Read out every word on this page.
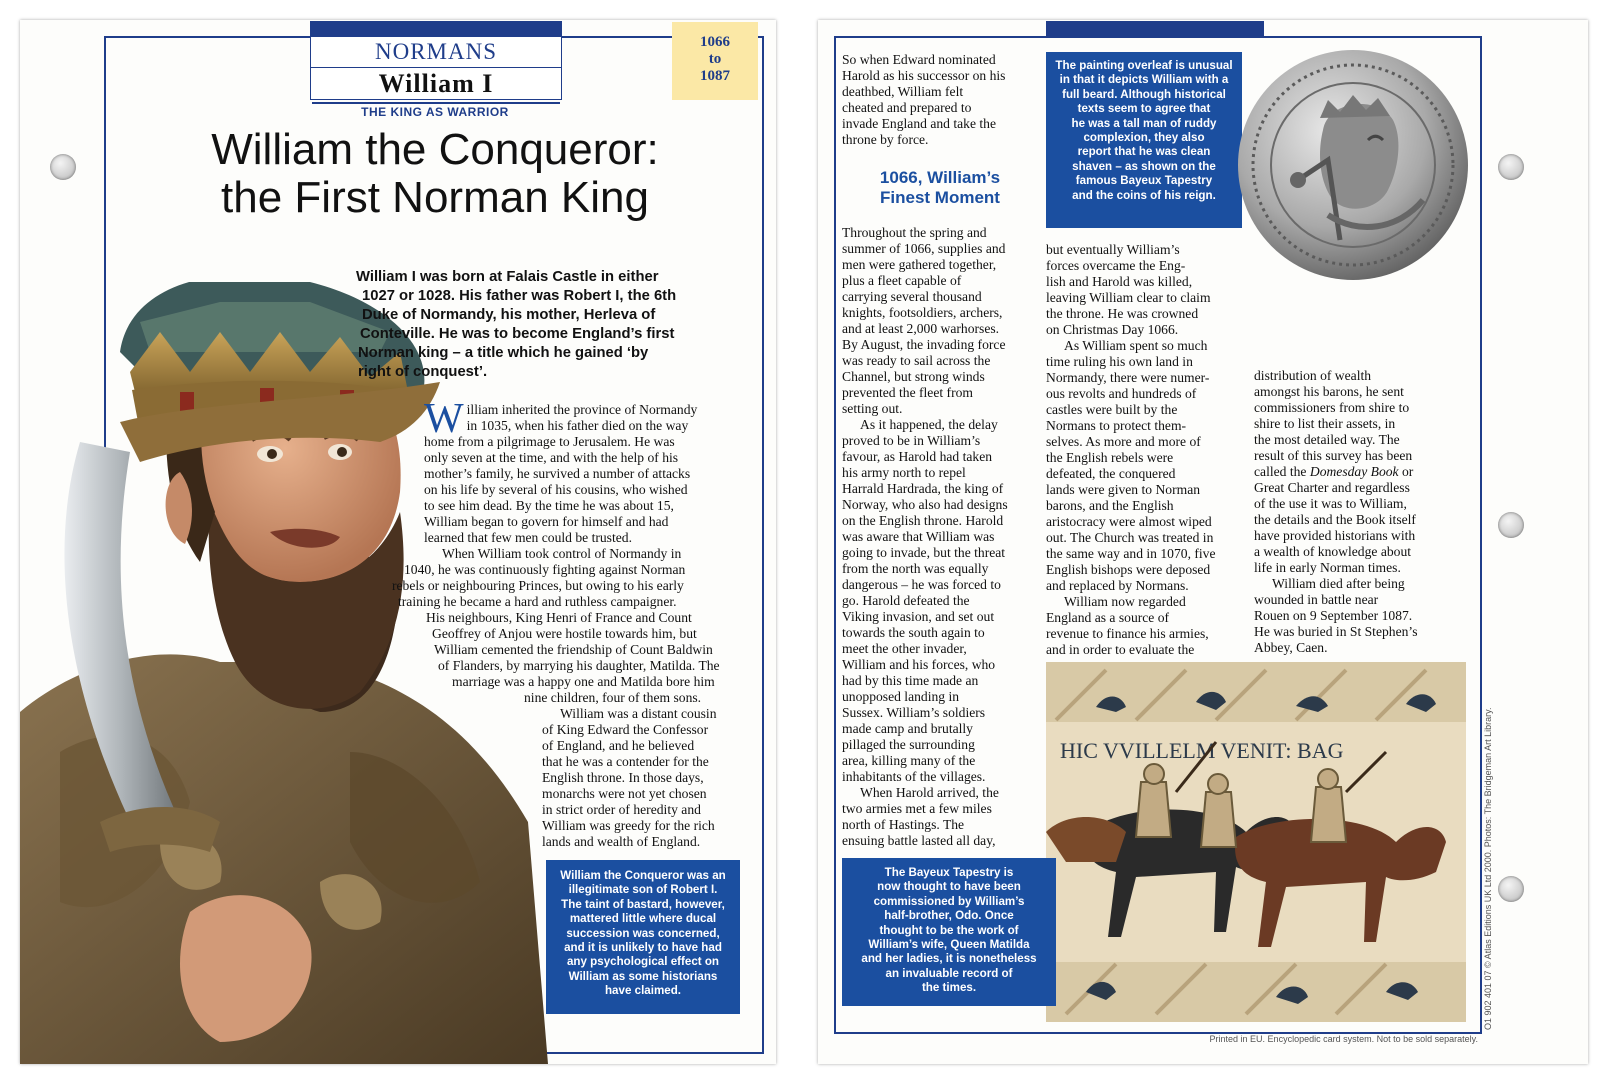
NORMANS
William I
THE KING AS WARRIOR
1066
to
1087
William the Conqueror:
the First Norman King
William I was born at Falais Castle in either
1027 or 1028. His father was Robert I, the 6th
Duke of Normandy, his mother, Herleva of
Conteville. He was to become England’s first
Norman king – a title which he gained ‘by
right of conquest’.
W illiam inherited the province of Normandy
in 1035, when his father died on the way
home from a pilgrimage to Jerusalem. He was
only seven at the time, and with the help of his
mother’s family, he survived a number of attacks
on his life by several of his cousins, who wished
to see him dead. By the time he was about 15,
William began to govern for himself and had
learned that few men could be trusted.
When William took control of Normandy in
1040, he was continuously fighting against Norman
rebels or neighbouring Princes, but owing to his early
training he became a hard and ruthless campaigner.
His neighbours, King Henri of France and Count
Geoffrey of Anjou were hostile towards him, but
William cemented the friendship of Count Baldwin
of Flanders, by marrying his daughter, Matilda. The
marriage was a happy one and Matilda bore him
nine children, four of them sons.
William was a distant cousin
of King Edward the Confessor
of England, and he believed
that he was a contender for the
English throne. In those days,
monarchs were not yet chosen
in strict order of heredity and
William was greedy for the rich
lands and wealth of England.
William the Conqueror was an
illegitimate son of Robert I.
The taint of bastard, however,
mattered little where ducal
succession was concerned,
and it is unlikely to have had
any psychological effect on
William as some historians
have claimed.
So when Edward nominated
Harold as his successor on his
deathbed, William felt
cheated and prepared to
invade England and take the
throne by force.
1066, William’s
Finest Moment
Throughout the spring and
summer of 1066, supplies and
men were gathered together,
plus a fleet capable of
carrying several thousand
knights, footsoldiers, archers,
and at least 2,000 warhorses.
By August, the invading force
was ready to sail across the
Channel, but strong winds
prevented the fleet from
setting out.
As it happened, the delay
proved to be in William’s
favour, as Harold had taken
his army north to repel
Harrald Hardrada, the king of
Norway, who also had designs
on the English throne. Harold
was aware that William was
going to invade, but the threat
from the north was equally
dangerous – he was forced to
go. Harold defeated the
Viking invasion, and set out
towards the south again to
meet the other invader,
William and his forces, who
had by this time made an
unopposed landing in
Sussex. William’s soldiers
made camp and brutally
pillaged the surrounding
area, killing many of the
inhabitants of the villages.
When Harold arrived, the
two armies met a few miles
north of Hastings. The
ensuing battle lasted all day,
The painting overleaf is unusual
in that it depicts William with a
full beard. Although historical
texts seem to agree that
he was a tall man of ruddy
complexion, they also
report that he was clean
shaven – as shown on the
famous Bayeux Tapestry
and the coins of his reign.
but eventually William’s
forces overcame the Eng-
lish and Harold was killed,
leaving William clear to claim
the throne. He was crowned
on Christmas Day 1066.
As William spent so much
time ruling his own land in
Normandy, there were numer-
ous revolts and hundreds of
castles were built by the
Normans to protect them-
selves. As more and more of
the English rebels were
defeated, the conquered
lands were given to Norman
barons, and the English
aristocracy were almost wiped
out. The Church was treated in
the same way and in 1070, five
English bishops were deposed
and replaced by Normans.
William now regarded
England as a source of
revenue to finance his armies,
and in order to evaluate the
distribution of wealth
amongst his barons, he sent
commissioners from shire to
shire to list their assets, in
the most detailed way. The
result of this survey has been
called the Domesday Book or
Great Charter and regardless
of the use it was to William,
the details and the Book itself
have provided historians with
a wealth of knowledge about
life in early Norman times.
William died after being
wounded in battle near
Rouen on 9 September 1087.
He was buried in St Stephen’s
Abbey, Caen.
HIC VVILLELM VENIT: BAG
The Bayeux Tapestry is
now thought to have been
commissioned by William’s
half-brother, Odo. Once
thought to be the work of
William’s wife, Queen Matilda
and her ladies, it is nonetheless
an invaluable record of
the times.	O1 902 401 07 © Atlas Editions UK Ltd 2000. Photos: The Bridgeman Art Library.
Printed in EU. Encyclopedic card system. Not to be sold separately.
